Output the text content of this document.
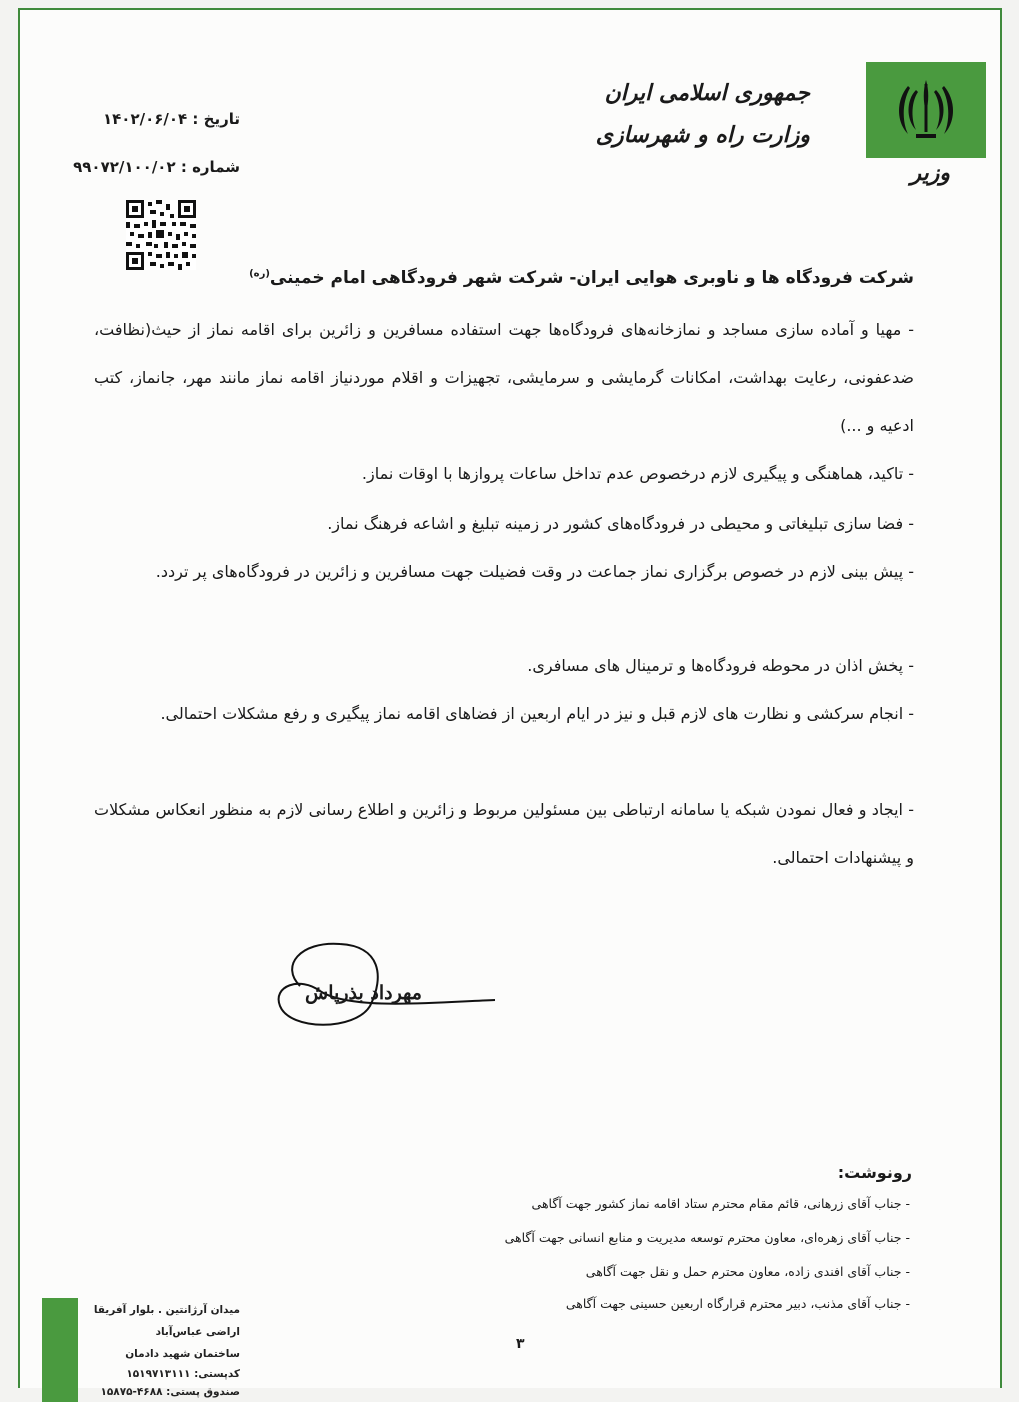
جمهوری اسلامی ایران
وزارت راه و شهرسازی
وزیر
تاریخ : ۱۴۰۲/۰۶/۰۴
شماره : ۹۹۰۷۲/۱۰۰/۰۲
شرکت فرودگاه ها و ناوبری هوایی ایران- شرکت شهر فرودگاهی امام خمینی$^{(ره)}$
- مهیا و آماده سازی مساجد و نمازخانه‌های فرودگاه‌ها جهت استفاده مسافرین و زائرین برای اقامه نماز از حیث(نظافت، ضدعفونی، رعایت بهداشت، امکانات گرمایشی و سرمایشی، تجهیزات و اقلام موردنیاز اقامه نماز مانند مهر، جانماز، کتب ادعیه و ...)
- تاکید، هماهنگی و پیگیری لازم درخصوص عدم تداخل ساعات پروازها با اوقات نماز.
- فضا سازی تبلیغاتی و محیطی در فرودگاه‌های کشور در زمینه تبلیغ و اشاعه فرهنگ نماز.
- پیش بینی لازم در خصوص برگزاری نماز جماعت در وقت فضیلت جهت مسافرین و زائرین در فرودگاه‌های پر تردد.
- پخش اذان در محوطه فرودگاه‌ها و ترمینال های مسافری.
- انجام سرکشی و نظارت های لازم قبل و نیز در ایام اربعین از فضاهای اقامه نماز پیگیری و رفع مشکلات احتمالی.
- ایجاد و فعال نمودن شبکه یا سامانه ارتباطی بین مسئولین مربوط و زائرین و اطلاع رسانی لازم به منظور انعکاس مشکلات و پیشنهادات احتمالی.
مهرداد بذرپاش
رونوشت:
- جناب آقای زرهانی، قائم مقام محترم ستاد اقامه نماز کشور جهت آگاهی
- جناب آقای زهره‌ای، معاون محترم توسعه مدیریت و منابع انسانی جهت آگاهی
- جناب آقای افندی زاده، معاون محترم حمل و نقل جهت آگاهی
- جناب آقای مذنب، دبیر محترم قرارگاه اربعین حسینی جهت آگاهی
میدان آرژانتین . بلوار آفریقا
اراضی عباس‌آباد
ساختمان شهید دادمان
کدپستی: ۱۵۱۹۷۱۳۱۱۱
صندوق پستی: ۴۶۸۸-۱۵۸۷۵
۳
